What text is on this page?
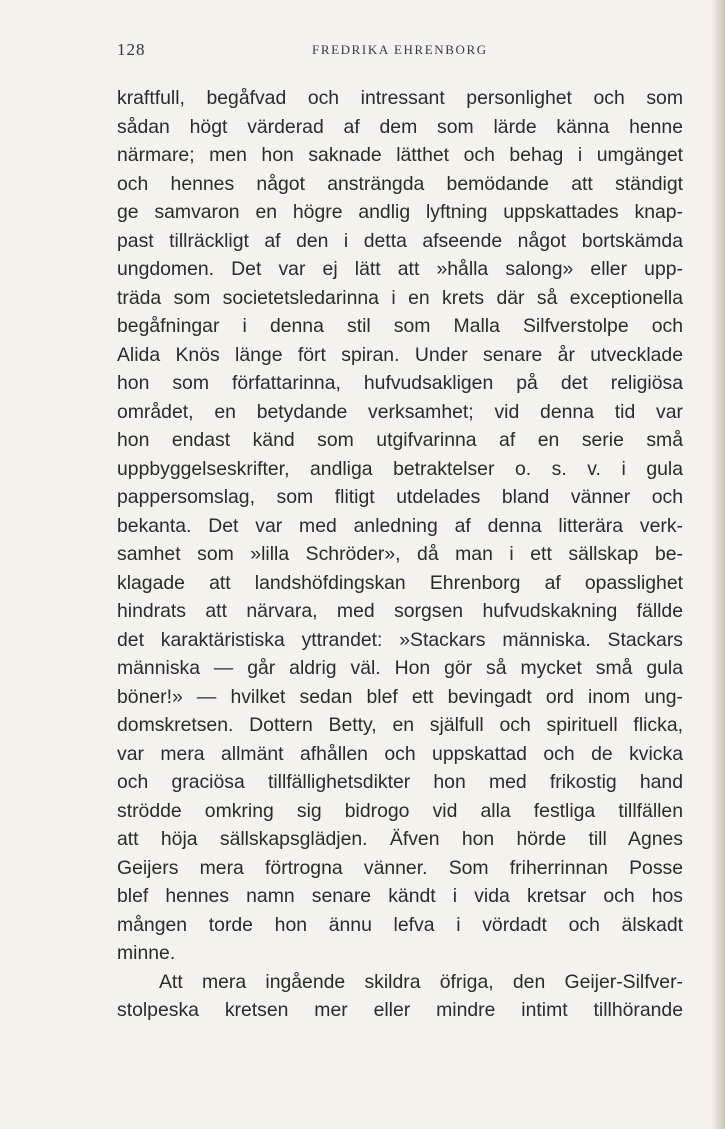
128	FREDRIKA EHRENBORG
kraftfull, begåfvad och intressant personlighet och som
sådan högt värderad af dem som lärde känna henne
närmare; men hon saknade lätthet och behag i umgänget
och hennes något ansträngda bemödande att ständigt
ge samvaron en högre andlig lyftning uppskattades knap-
past tillräckligt af den i detta afseende något bortskämda
ungdomen. Det var ej lätt att »hålla salong» eller upp-
träda som societetsledarinna i en krets där så exceptionella
begåfningar i denna stil som Malla Silfverstolpe och
Alida Knös länge fört spiran. Under senare år utvecklade
hon som författarinna, hufvudsakligen på det religiösa
området, en betydande verksamhet; vid denna tid var
hon endast känd som utgifvarinna af en serie små
uppbyggelseskrifter, andliga betraktelser o. s. v. i gula
pappersomslag, som flitigt utdelades bland vänner och
bekanta. Det var med anledning af denna litterära verk-
samhet som »lilla Schröder», då man i ett sällskap be-
klagade att landshöfdingskan Ehrenborg af opasslighet
hindrats att närvara, med sorgsen hufvudskakning fällde
det karaktäristiska yttrandet: »Stackars människa. Stackars
människa — går aldrig väl. Hon gör så mycket små gula
böner!» — hvilket sedan blef ett bevingadt ord inom ung-
domskretsen. Dottern Betty, en själfull och spirituell flicka,
var mera allmänt afhållen och uppskattad och de kvicka
och graciösa tillfällighetsdikter hon med frikostig hand
strödde omkring sig bidrogo vid alla festliga tillfällen
att höja sällskapsglädjen. Äfven hon hörde till Agnes
Geijers mera förtrogna vänner. Som friherrinnan Posse
blef hennes namn senare kändt i vida kretsar och hos
mången torde hon ännu lefva i vördadt och älskadt
minne.
Att mera ingående skildra öfriga, den Geijer-Silfver-
stolpeska kretsen mer eller mindre intimt tillhörande
